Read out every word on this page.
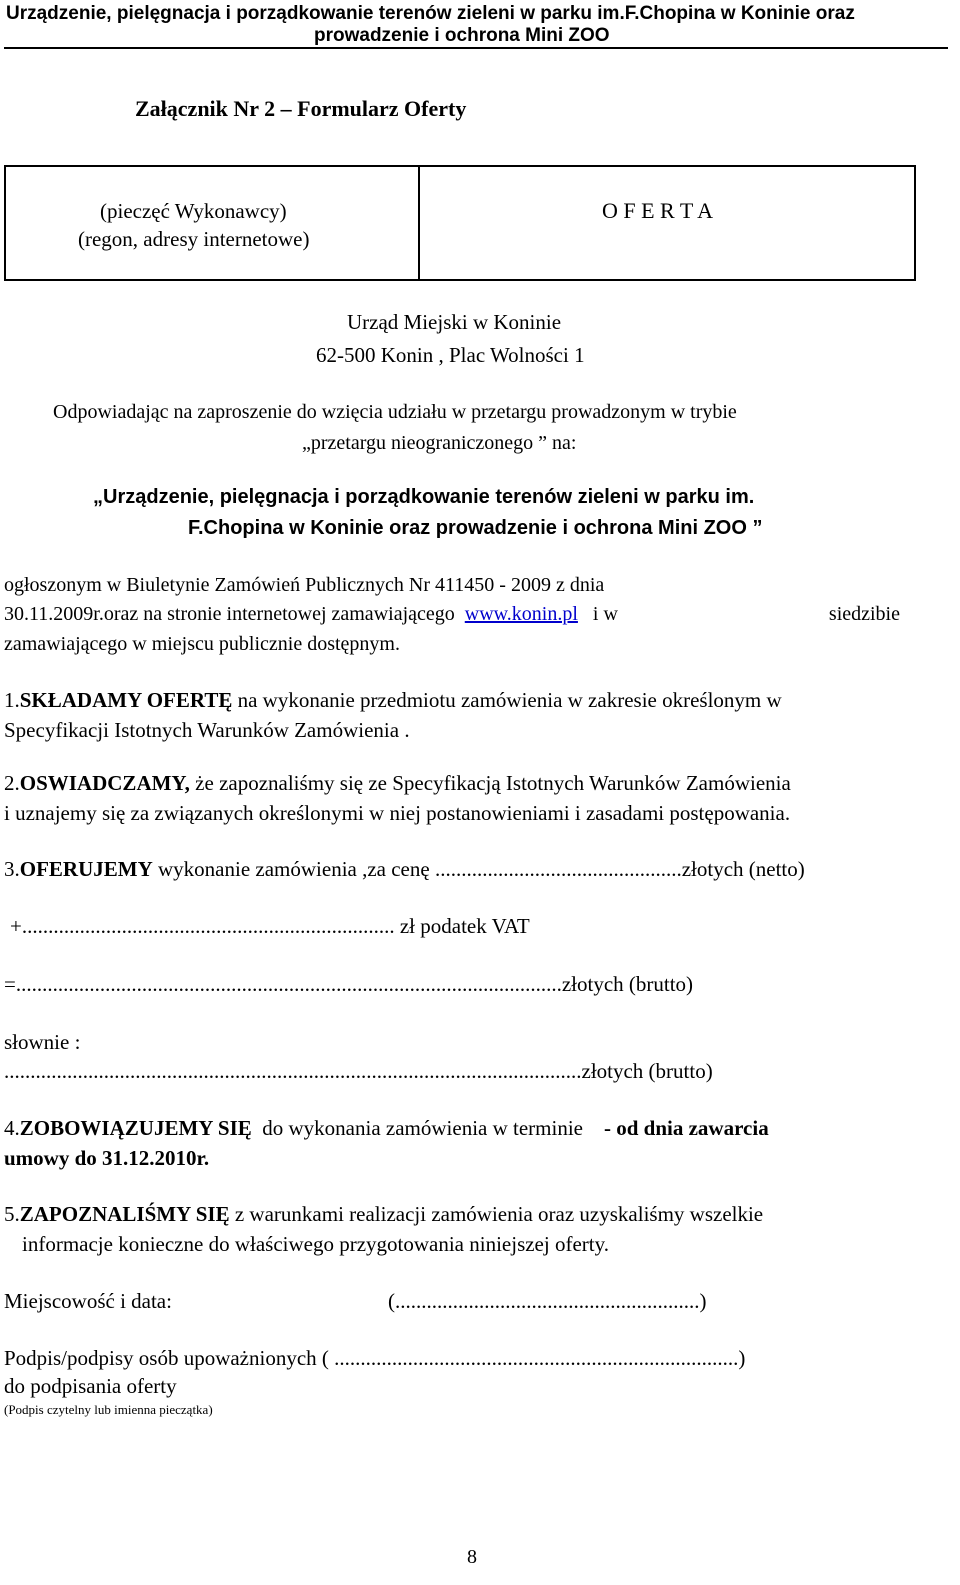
Urządzenie, pielęgnacja i porządkowanie terenów zieleni w parku im.F.Chopina w Koninie oraz
prowadzenie i ochrona Mini ZOO
Załącznik Nr 2 – Formularz Oferty
(pieczęć Wykonawcy)
(regon, adresy internetowe)
O F E R T A
Urząd Miejski w Koninie
62-500 Konin , Plac Wolności 1
Odpowiadając na zaproszenie do wzięcia udziału w przetargu prowadzonym w trybie
„przetargu nieograniczonego ” na:
„Urządzenie, pielęgnacja i porządkowanie terenów zieleni w parku im.
F.Chopina w Koninie oraz prowadzenie i ochrona Mini ZOO ”
ogłoszonym w Biuletynie Zamówień Publicznych Nr 411450 - 2009 z dnia
30.11.2009r.oraz na stronie internetowej zamawiającego www.konin.pl i w	siedzibie
zamawiającego w miejscu publicznie dostępnym.
1.SKŁADAMY OFERTĘ na wykonanie przedmiotu zamówienia w zakresie określonym w
Specyfikacji Istotnych Warunków Zamówienia .
2.OSWIADCZAMY, że zapoznaliśmy się ze Specyfikacją Istotnych Warunków Zamówienia
i uznajemy się za związanych określonymi w niej postanowieniami i zasadami postępowania.
3.OFERUJEMY wykonanie zamówienia ,za cenę ...............................................złotych (netto)
+....................................................................... zł podatek VAT
=........................................................................................................złotych (brutto)
słownie :
..............................................................................................................złotych (brutto)
4.ZOBOWIĄZUJEMY SIĘ do wykonania zamówienia w terminie - od dnia zawarcia
umowy do 31.12.2010r.
5.ZAPOZNALIŚMY SIĘ z warunkami realizacji zamówienia oraz uzyskaliśmy wszelkie
informacje konieczne do właściwego przygotowania niniejszej oferty.
Miejscowość i data:	(..........................................................)
Podpis/podpisy osób upoważnionych ( .............................................................................)
do podpisania oferty
(Podpis czytelny lub imienna pieczątka)
8
